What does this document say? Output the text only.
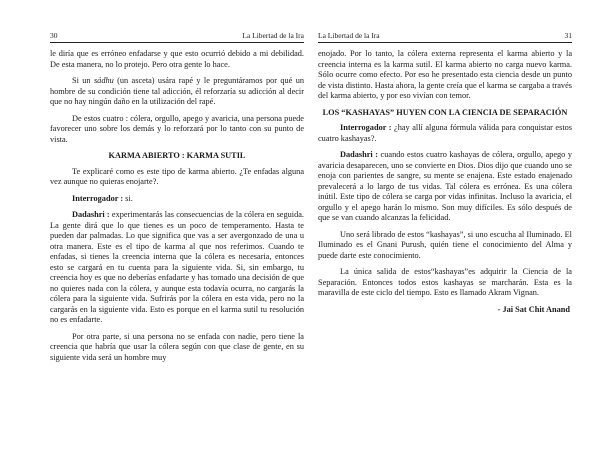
30	La Libertad de la Ira

le diría que es erróneo enfadarse y que esto ocurrió debido a mi debilidad. De esta manera, no lo protejo. Pero otra gente lo hace.

Si un sádhu (un asceta) usára rapé y le preguntáramos por qué un hombre de su condición tiene tal adicción, él reforzaría su adicción al decir que no hay ningún daño en la utilización del rapé.

De estos cuatro : cólera, orgullo, apego y avaricia, una persona puede favorecer uno sobre los demás y lo reforzará por lo tanto con su punto de vista.

KARMA ABIERTO : KARMA SUTIL

Te explicaré como es este tipo de karma abierto. ¿Te enfadas alguna vez aunque no quieras enojarte?.

Interrogador : si.

Dadashri : experimentarás las consecuencias de la cólera en seguida. La gente dirá que lo que tienes es un poco de temperamento. Hasta te pueden dar palmadas. Lo que significa que vas a ser avergonzado de una u otra manera. Este es el tipo de karma al que nos referimos. Cuando te enfadas, si tienes la creencia interna que la cólera es necesaria, entonces esto se cargará en tu cuenta para la siguiente vida. Si, sin embargo, tu creencia hoy es que no deberías enfadarte y has tomado una decisión de que no quieres nada con la cólera, y aunque esta todavía ocurra, no cargarás la cólera para la siguiente vida. Sufrirás por la cólera en esta vida, pero no la cargarás en la siguiente vida. Esto es porque en el karma sutil tu resolución no es enfadarte.

Por otra parte, si una persona no se enfada con nadie, pero tiene la creencia que habría que usar la cólera según con que clase de gente, en su siguiente vida será un hombre muy

La Libertad de la Ira	31

enojado. Por lo tanto, la cólera externa representa el karma abierto y la creencia interna es la karma sutil. El karma abierto no carga nuevo karma. Sólo ocurre como efecto. Por eso he presentado esta ciencia desde un punto de vista distinto. Hasta ahora, la gente creía que el karma se cargaba a través del karma abierto, y por eso vivían con temor.

LOS “KASHAYAS” HUYEN CON LA CIENCIA DE SEPARACIÓN

Interrogador : ¿hay allí alguna fórmula válida para conquistar estos cuatro kashayas?.

Dadashri : cuando estos cuatro kashayas de cólera, orgullo, apego y avaricia desaparecen, uno se convierte en Dios. Dios dijo que cuando uno se enoja con parientes de sangre, su mente se enajena. Este estado enajenado prevalecerá a lo largo de tus vidas. Tal cólera es errónea. Es una cólera inútil. Este tipo de cólera se carga por vidas infinitas. Incluso la avaricia, el orgullo y el apego harán lo mismo. Son muy difíciles. Es sólo después de que se van cuando alcanzas la felicidad.

Uno será librado de estos “kashayas”, si uno escucha al Iluminado. El Iluminado es el Gnani Purush, quién tiene el conocimiento del Alma y puede darte este conocimiento.

La única salida de estos“kashayas”es adquirir la Ciencia de la Separación. Entonces todos estos kashayas se marcharán. Esta es la maravilla de este ciclo del tiempo. Esto es llamado Akram Vignan.

- Jai Sat Chit Anand
